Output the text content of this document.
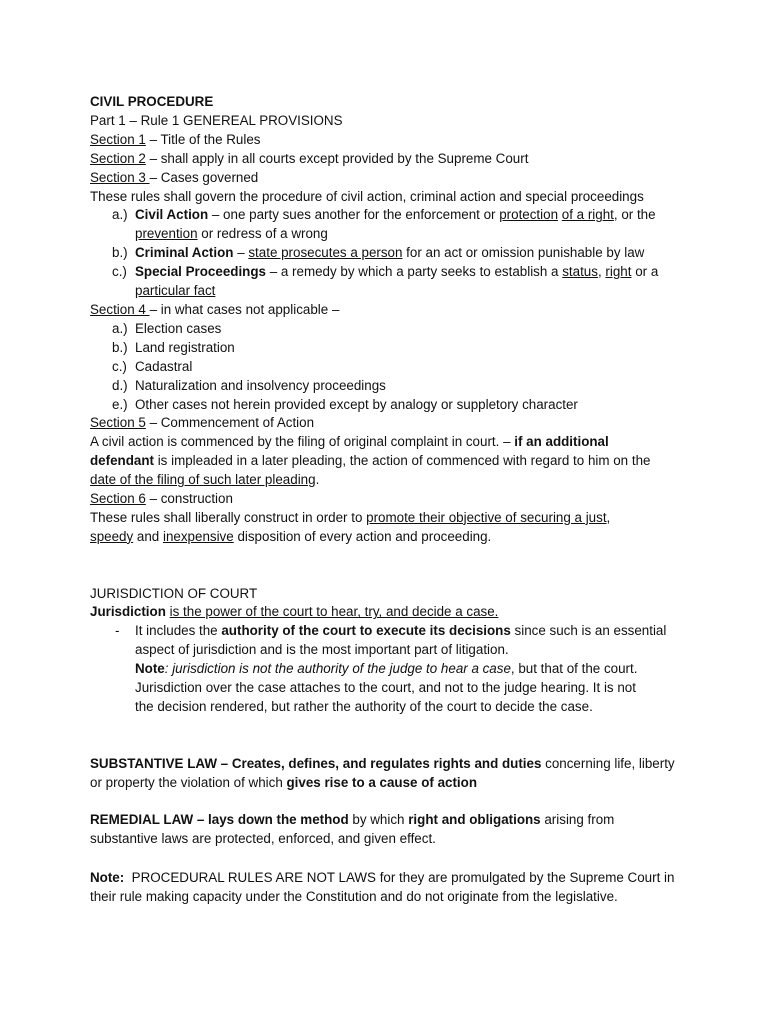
CIVIL PROCEDURE
Part 1 – Rule 1 GENEREAL PROVISIONS
Section 1 – Title of the Rules
Section 2 – shall apply in all courts except provided by the Supreme Court
Section 3 – Cases governed
These rules shall govern the procedure of civil action, criminal action and special proceedings
a.) Civil Action – one party sues another for the enforcement or protection of a right, or the
prevention or redress of a wrong
b.) Criminal Action – state prosecutes a person for an act or omission punishable by law
c.) Special Proceedings – a remedy by which a party seeks to establish a status, right or a
particular fact
Section 4 – in what cases not applicable –
a.) Election cases
b.) Land registration
c.) Cadastral
d.) Naturalization and insolvency proceedings
e.) Other cases not herein provided except by analogy or suppletory character
Section 5 – Commencement of Action
A civil action is commenced by the filing of original complaint in court. – if an additional
defendant is impleaded in a later pleading, the action of commenced with regard to him on the
date of the filing of such later pleading.
Section 6 – construction
These rules shall liberally construct in order to promote their objective of securing a just,
speedy and inexpensive disposition of every action and proceeding.
JURISDICTION OF COURT
Jurisdiction is the power of the court to hear, try, and decide a case.
- It includes the authority of the court to execute its decisions since such is an essential
aspect of jurisdiction and is the most important part of litigation.
Note: jurisdiction is not the authority of the judge to hear a case, but that of the court.
Jurisdiction over the case attaches to the court, and not to the judge hearing. It is not
the decision rendered, but rather the authority of the court to decide the case.
SUBSTANTIVE LAW – Creates, defines, and regulates rights and duties concerning life, liberty
or property the violation of which gives rise to a cause of action
REMEDIAL LAW – lays down the method by which right and obligations arising from
substantive laws are protected, enforced, and given effect.
Note:  PROCEDURAL RULES ARE NOT LAWS for they are promulgated by the Supreme Court in
their rule making capacity under the Constitution and do not originate from the legislative.
